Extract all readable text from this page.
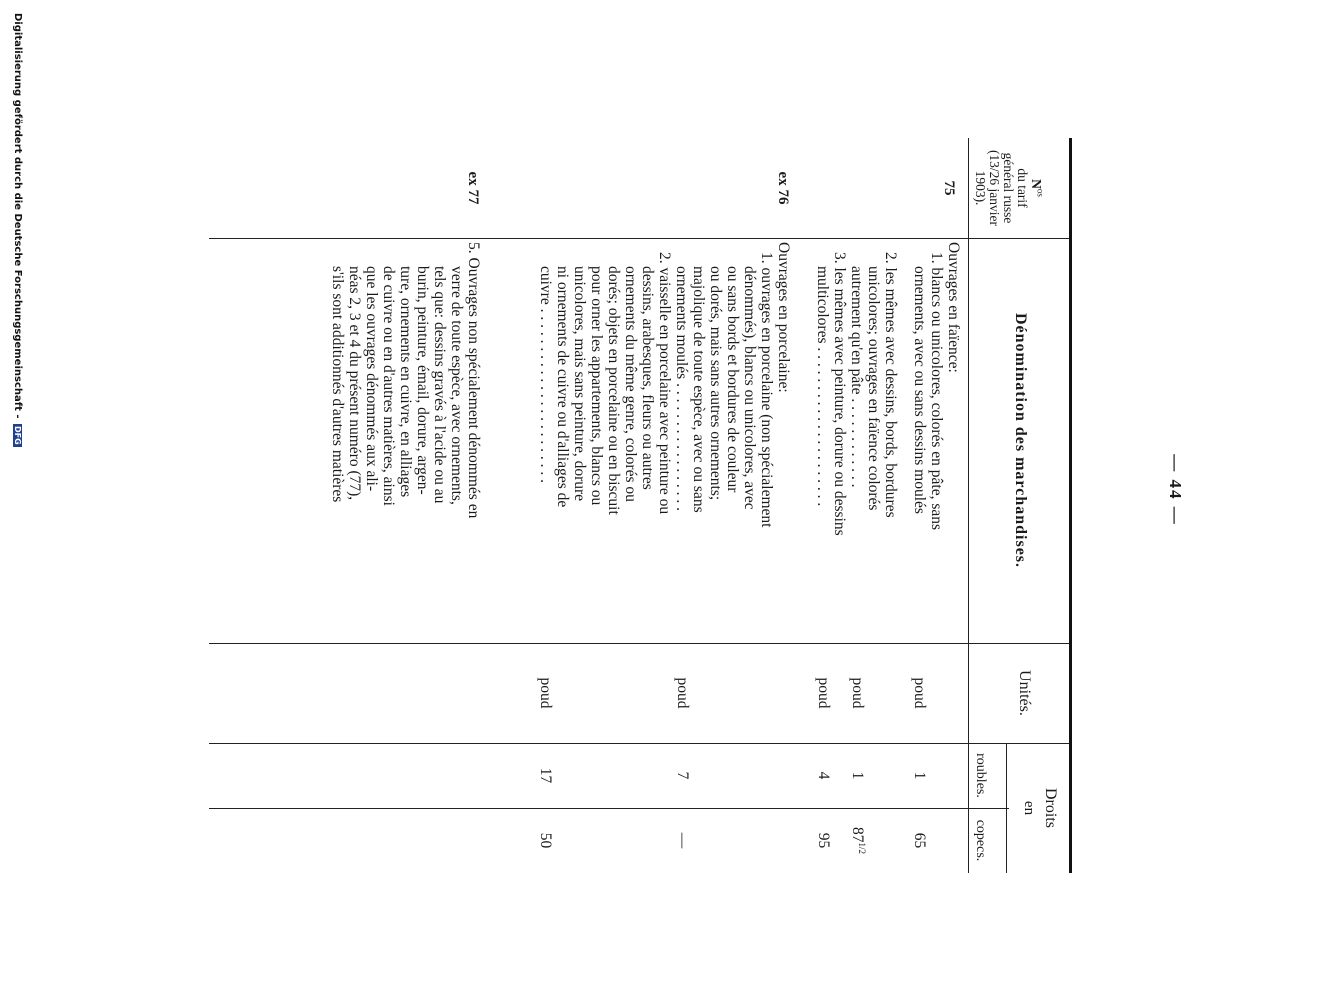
— 44 —
Digitalisierung gefördert durch die Deutsche Forschungsgemeinschaft - DFG
$N^{os}$
du tarif
général russe
(13/26 janvier
1903).
Dénomination des marchandises.
Unités.
Droits
en
roubles.
copecs.
75
Ouvrages en faïence:
1. blancs ou unicolores, colorés en pâte, sans
ornements, avec ou sans dessins moulés
2. les mêmes avec dessins, bords, bordures
unicolores; ouvrages en faïence colorés
autrement qu'en pâte . . . . . . . . . . . .
3. les mêmes avec peinture, dorure ou dessins
multicolores . . . . . . . . . . . . . . . . . . . . .
poud
1
65
poud
1
$87^{1/2}$
poud
4
95
ex 76
Ouvrages en porcelaine:
1. ouvrages en porcelaine (non spécialement
dénommés), blancs ou unicolores, avec
ou sans bords et bordures de couleur
ou dorés, mais sans autres ornements;
majolique de toute espèce, avec ou sans
ornements moulés . . . . . . . . . . . . . . . . .
2. vaisselle en porcelaine avec peinture ou
dessins, arabesques, fleurs ou autres
ornements du même genre, colorés ou
dorés; objets en porcelaine ou en biscuit
pour orner les appartements, blancs ou
unicolores, mais sans peinture, dorure
ni ornements de cuivre ou d'alliages de
cuivre . . . . . . . . . . . . . . . . . . . . . . .
poud
7
—
poud
17
50
ex 77
5. Ouvrages non spécialement dénommés en
verre de toute espèce, avec ornements,
tels que: dessins gravés à l'acide ou au
burin, peinture, émail, dorure, argen-
ture, ornements en cuivre, en alliages
de cuivre ou en d'autres matières, ainsi
que les ouvrages dénommés aux ali-
néas 2, 3 et 4 du présent numéro (77),
s'ils sont additionnés d'autres matières
